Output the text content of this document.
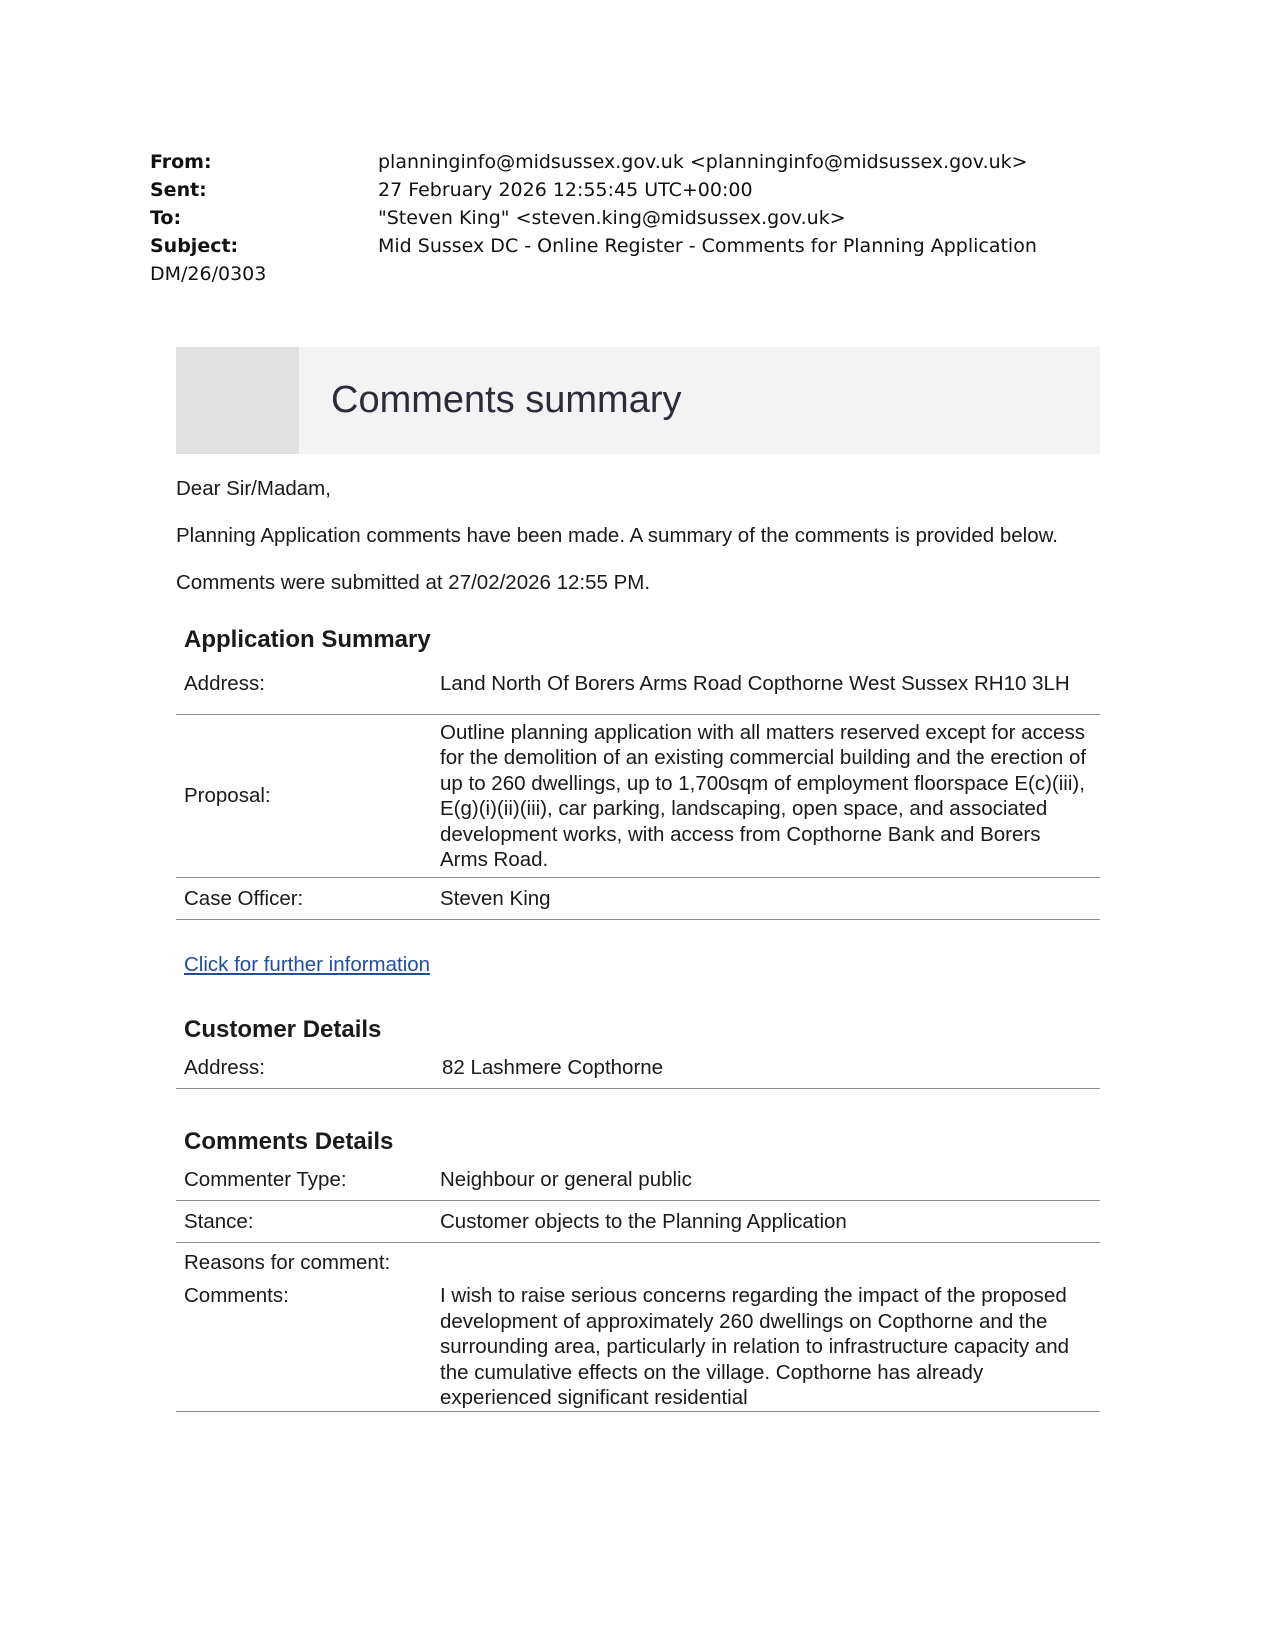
From:	planninginfo@midsussex.gov.uk <planninginfo@midsussex.gov.uk>
Sent:	27 February 2026 12:55:45 UTC+00:00
To:	"Steven King" <steven.king@midsussex.gov.uk>
Subject:	Mid Sussex DC - Online Register - Comments for Planning Application
DM/26/0303
Comments summary

Dear Sir/Madam,

Planning Application comments have been made. A summary of the comments is provided below.

Comments were submitted at 27/02/2026 12:55 PM.

Application Summary
Address:	Land North Of Borers Arms Road Copthorne West Sussex RH10 3LH
Proposal:	Outline planning application with all matters reserved except for access for the demolition of an existing commercial building and the erection of up to 260 dwellings, up to 1,700sqm of employment floorspace E(c)(iii), E(g)(i)(ii)(iii), car parking, landscaping, open space, and associated development works, with access from Copthorne Bank and Borers Arms Road.
Case Officer:	Steven King
Click for further information
Customer Details
Address:	82 Lashmere Copthorne
Comments Details
Commenter Type:	Neighbour or general public
Stance:	Customer objects to the Planning Application
Reasons for comment:	
Comments:	I wish to raise serious concerns regarding the impact of the proposed development of approximately 260 dwellings on Copthorne and the surrounding area, particularly in relation to infrastructure capacity and the cumulative effects on the village. Copthorne has already experienced significant residential
